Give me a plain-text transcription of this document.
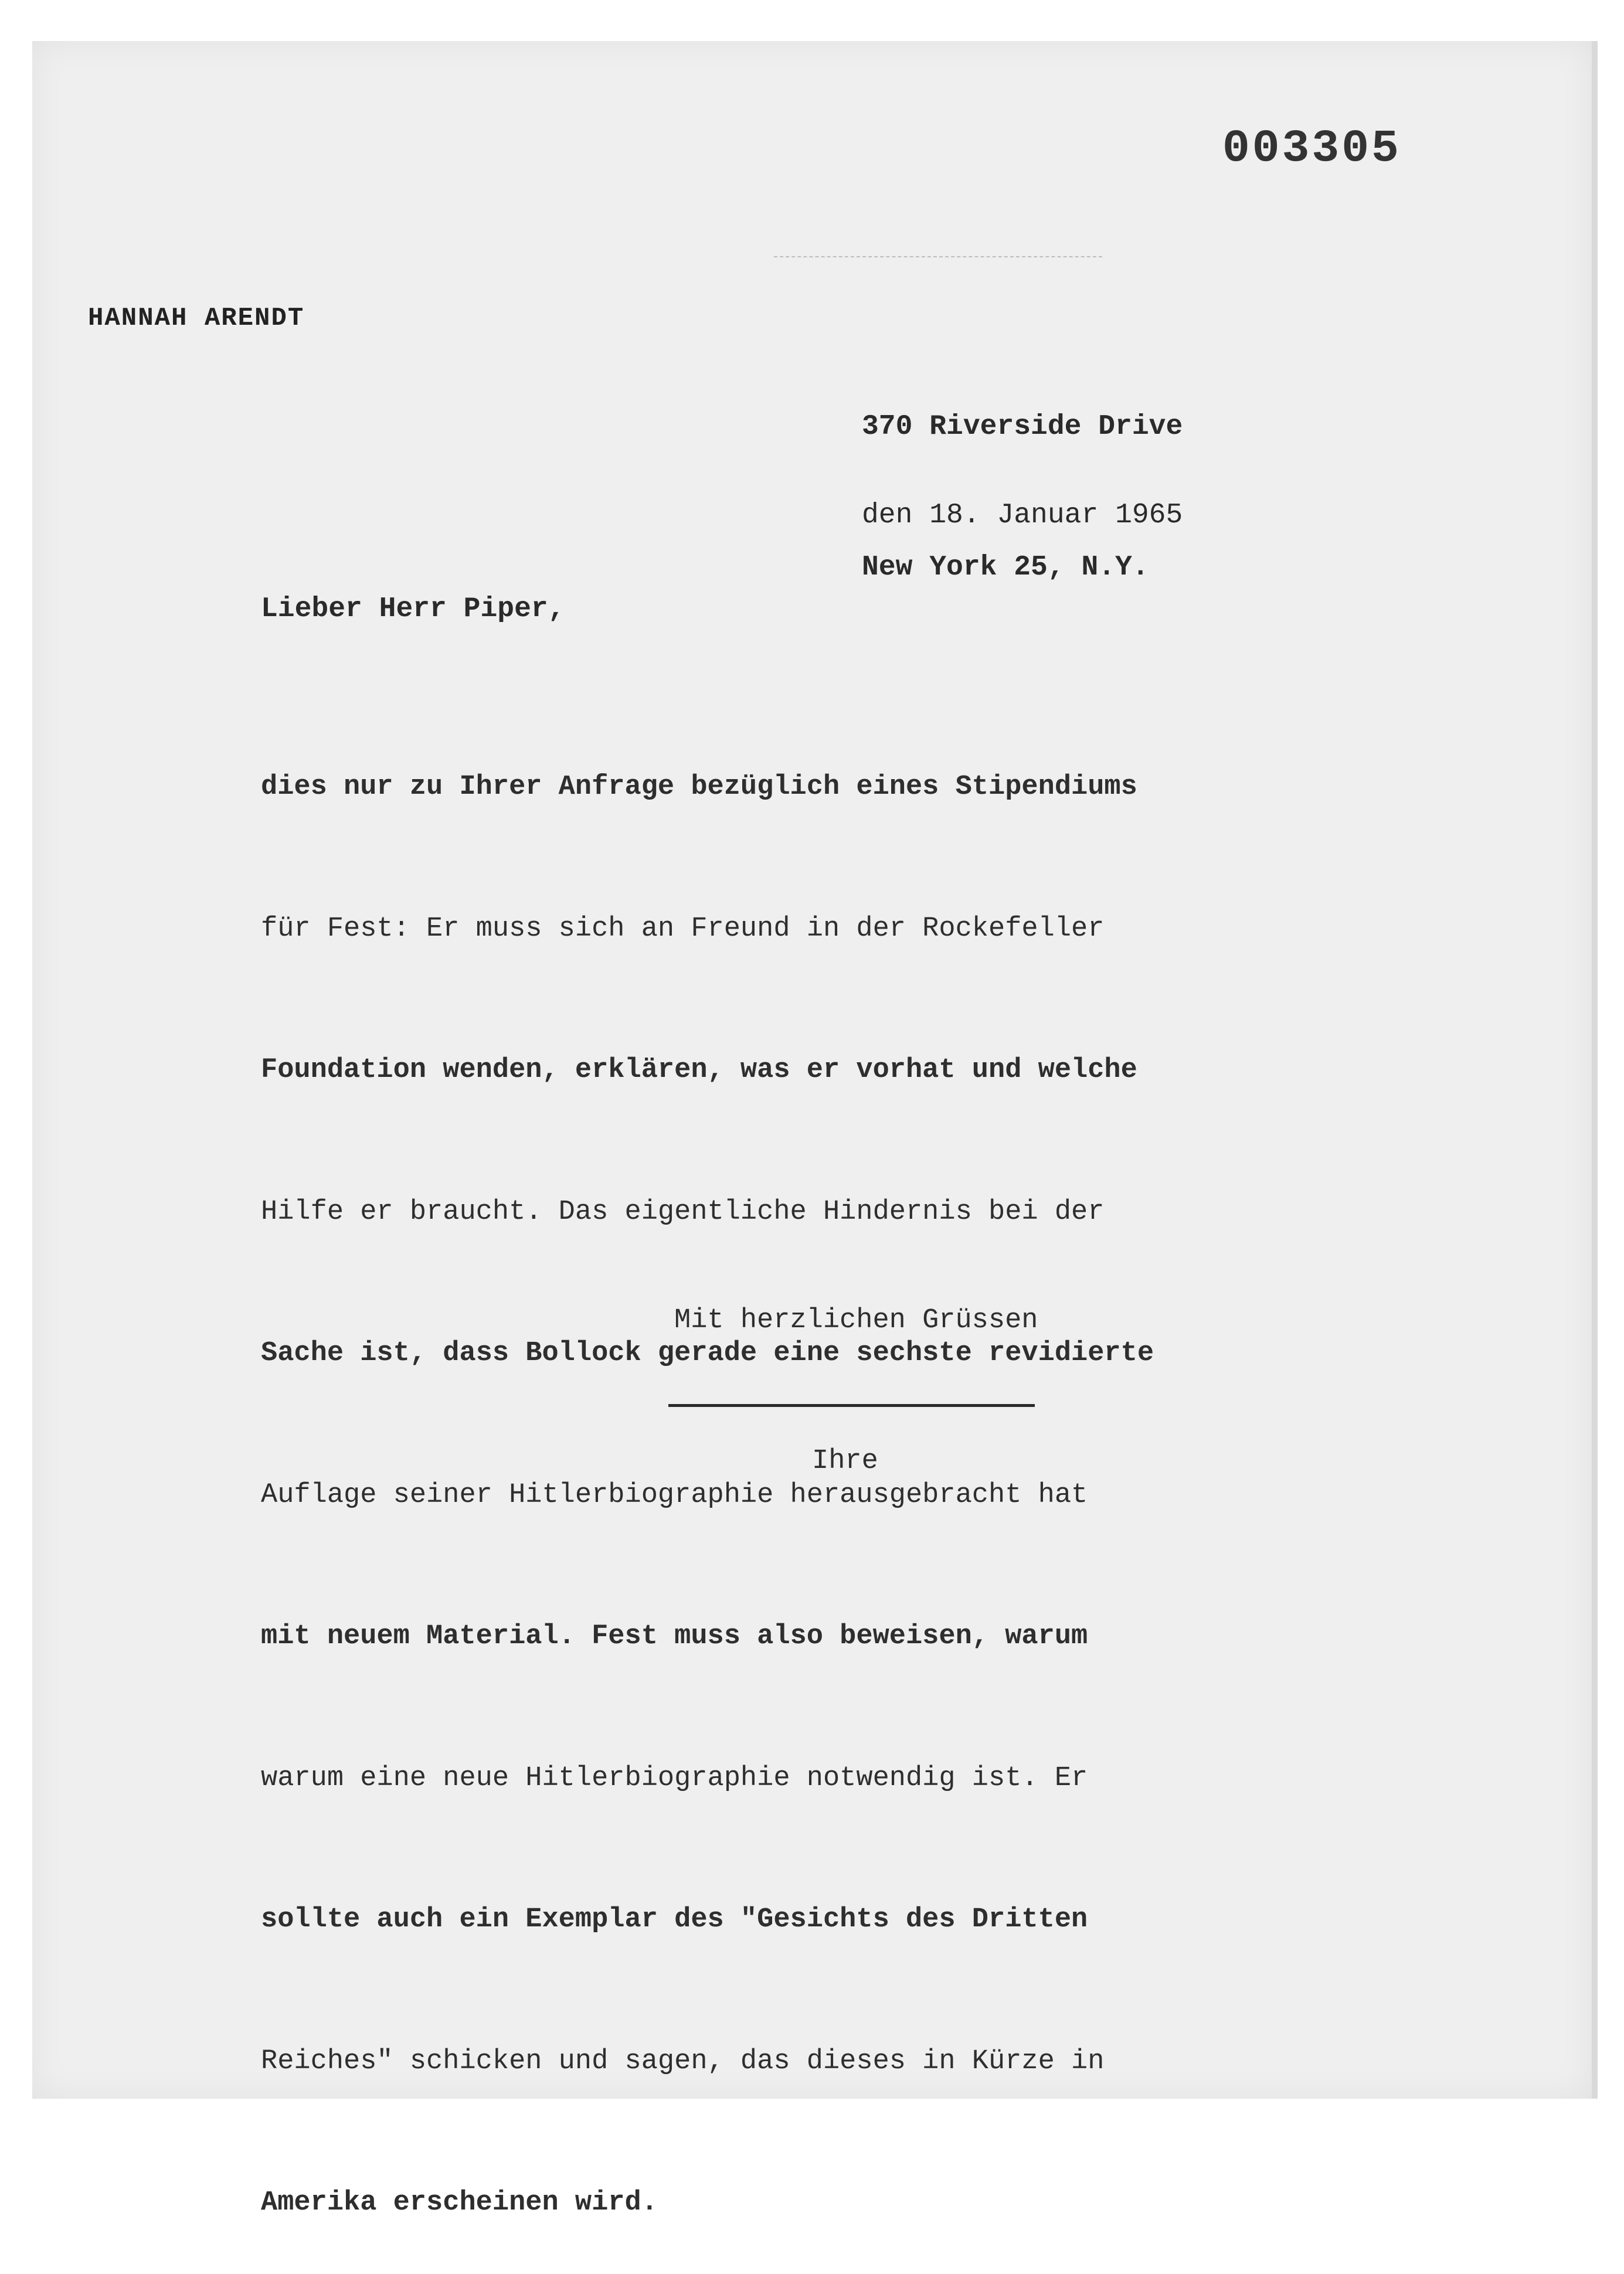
003305
HANNAH ARENDT

370 Riverside Drive

New York 25, N.Y.

den 18. Januar 1965
Lieber Herr Piper,

dies nur zu Ihrer Anfrage bezüglich eines Stipendiums

für Fest: Er muss sich an Freund in der Rockefeller

Foundation wenden, erklären, was er vorhat und welche

Hilfe er braucht. Das eigentliche Hindernis bei der

Sache ist, dass Bollock gerade eine sechste revidierte

Auflage seiner Hitlerbiographie herausgebracht hat

mit neuem Material. Fest muss also beweisen, warum

warum eine neue Hitlerbiographie notwendig ist. Er

sollte auch ein Exemplar des "Gesichts des Dritten

Reiches" schicken und sagen, das dieses in Kürze in

Amerika erscheinen wird.

Mit herzlichen Grüssen

Ihre
